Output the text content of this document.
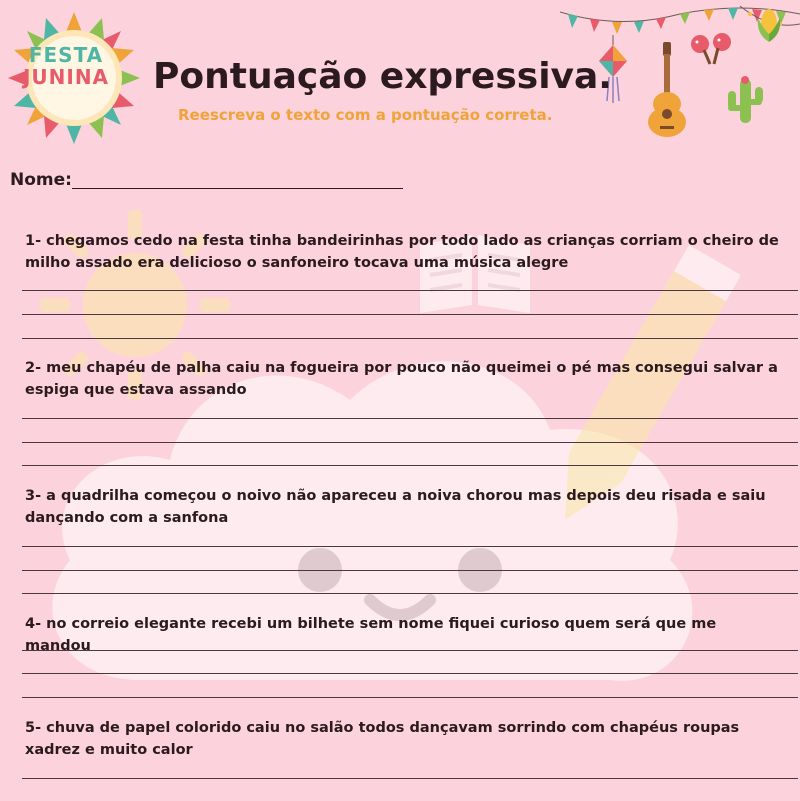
FESTA
JUNINA Pontuação expressiva.
Reescreva o texto com a pontuação correta.
Nome:
1- chegamos cedo na festa tinha bandeirinhas por todo lado as crianças corriam o cheiro de milho assado era delicioso o sanfoneiro tocava uma música alegre
2- meu chapéu de palha caiu na fogueira por pouco não queimei o pé mas consegui salvar a espiga que estava assando
3- a quadrilha começou o noivo não apareceu a noiva chorou mas depois deu risada e saiu dançando com a sanfona
4- no correio elegante recebi um bilhete sem nome fiquei curioso quem será que me mandou
5- chuva de papel colorido caiu no salão todos dançavam sorrindo com chapéus roupas xadrez e muito calor
